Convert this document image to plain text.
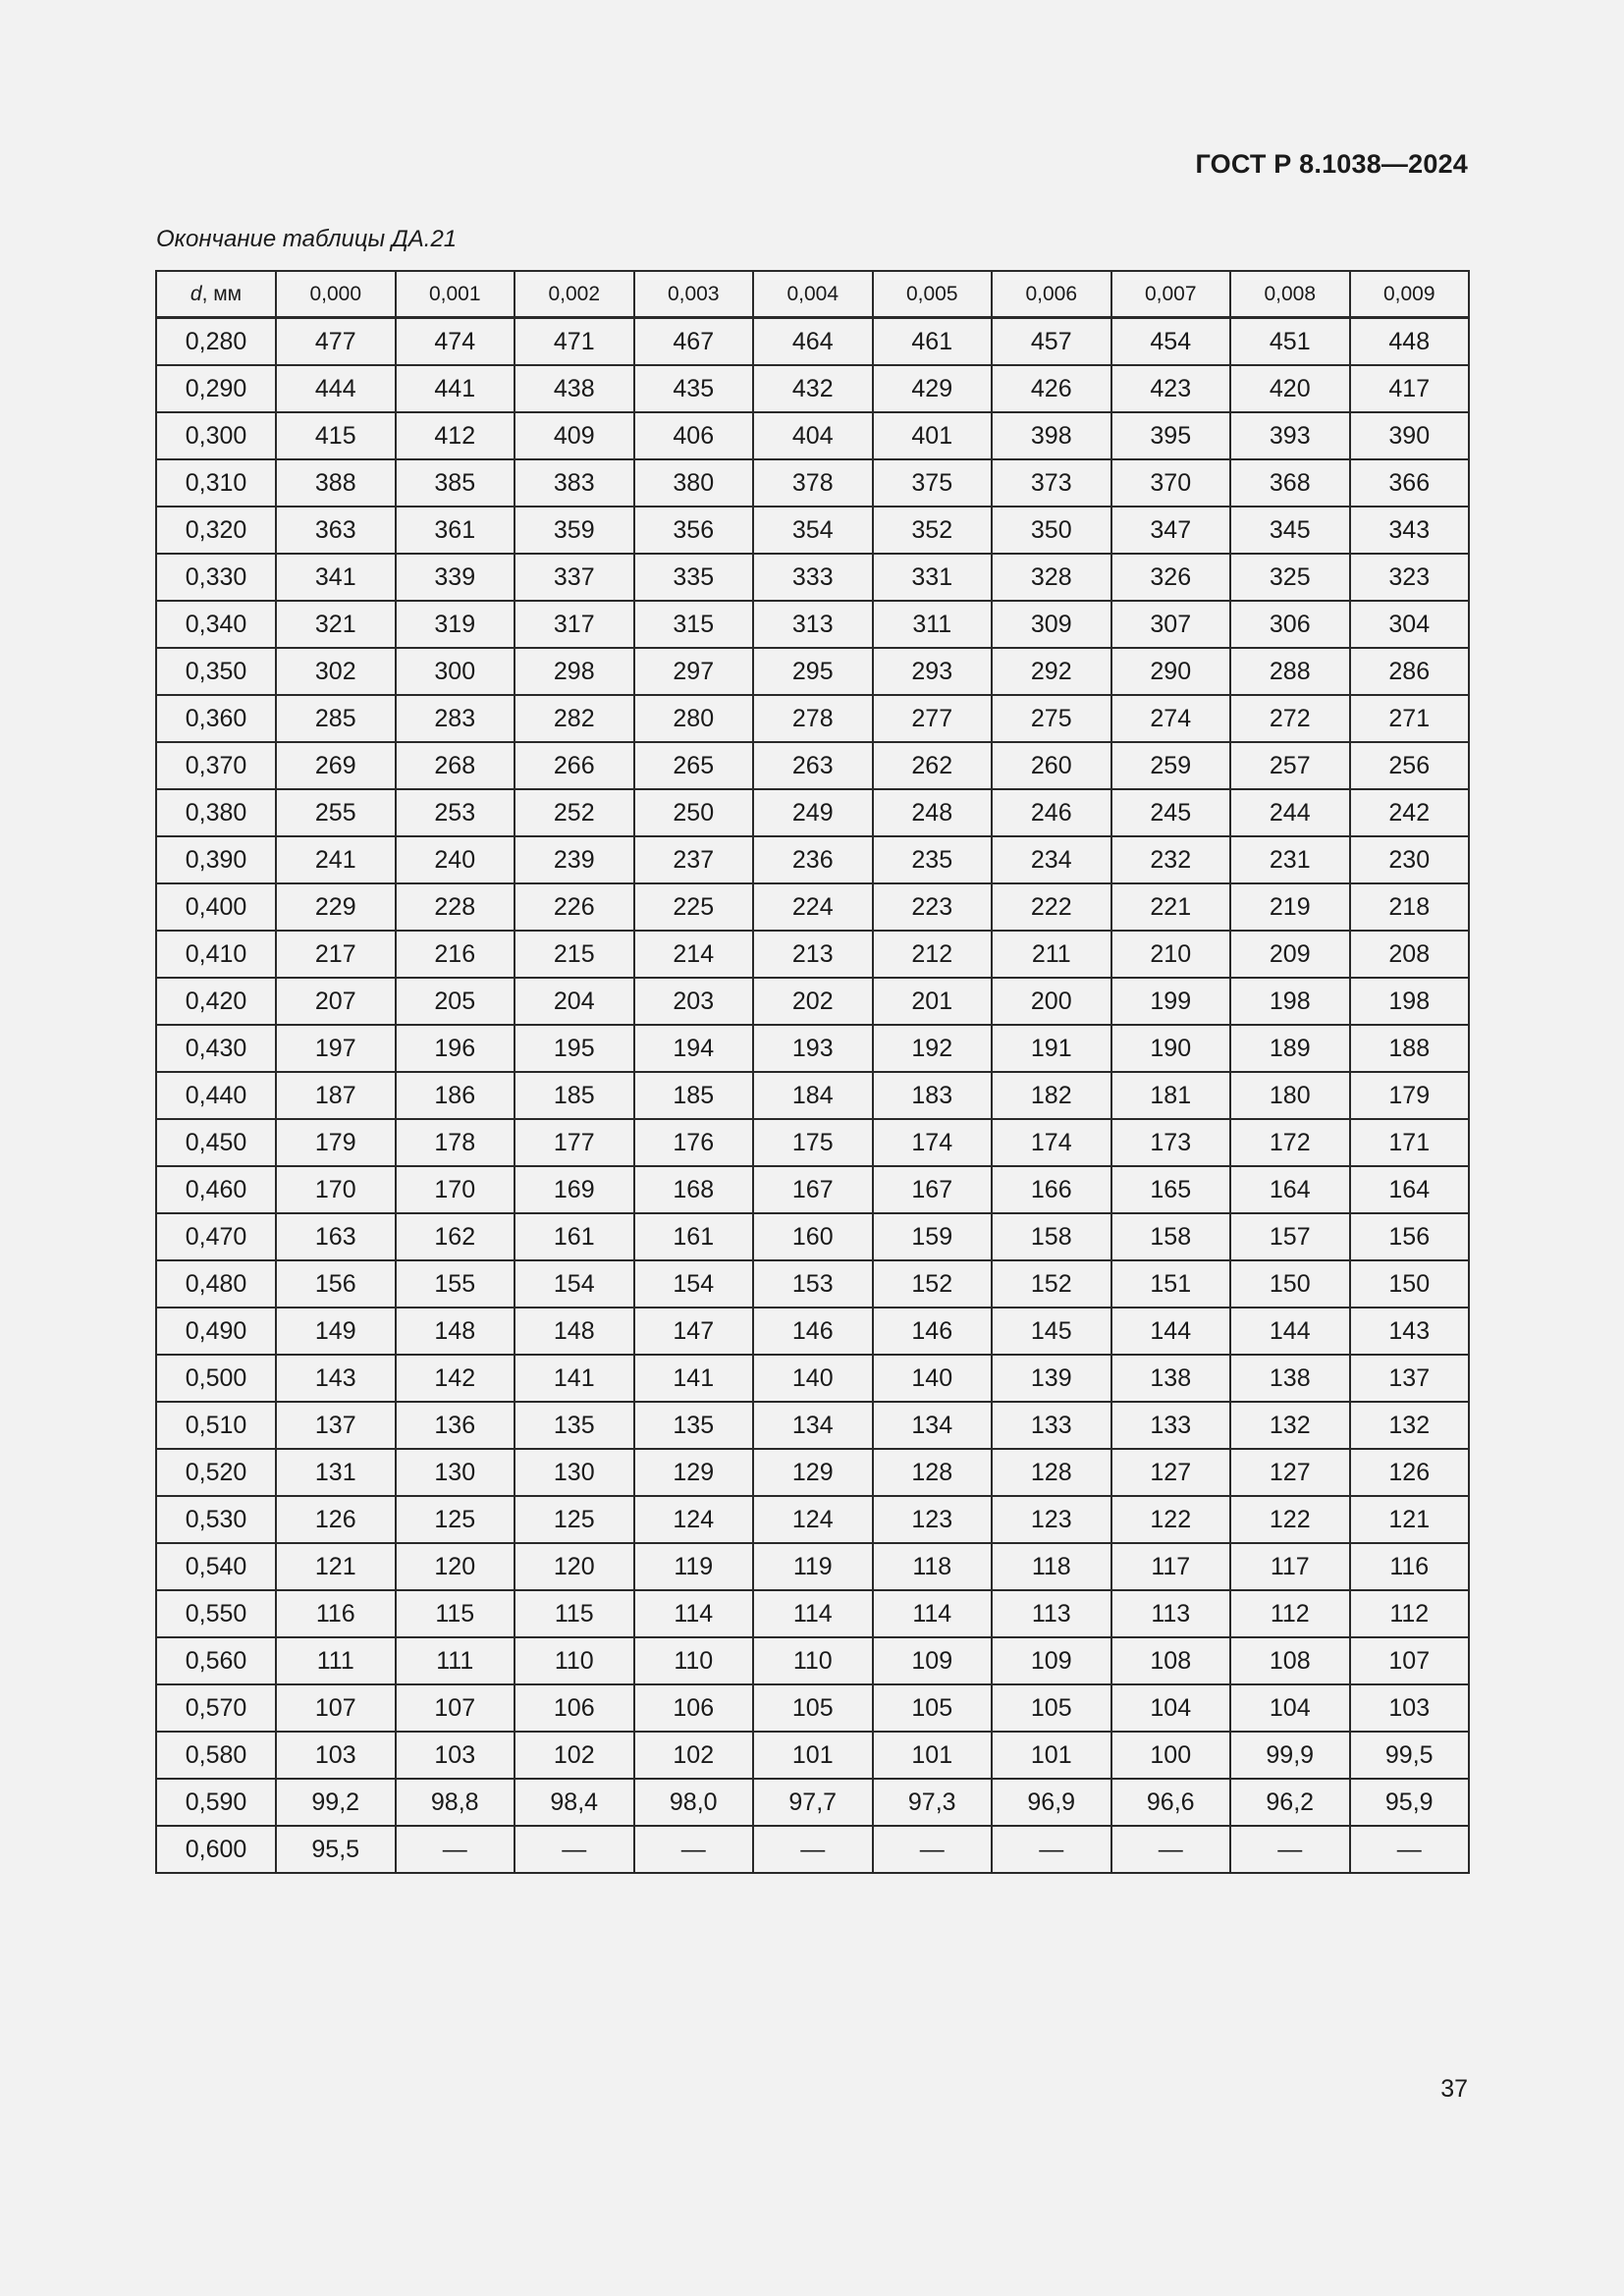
ГОСТ Р 8.1038—2024
Окончание таблицы ДА.21
d, мм	0,000	0,001	0,002	0,003	0,004	0,005	0,006	0,007	0,008	0,009
0,280	477	474	471	467	464	461	457	454	451	448
0,290	444	441	438	435	432	429	426	423	420	417
0,300	415	412	409	406	404	401	398	395	393	390
0,310	388	385	383	380	378	375	373	370	368	366
0,320	363	361	359	356	354	352	350	347	345	343
0,330	341	339	337	335	333	331	328	326	325	323
0,340	321	319	317	315	313	311	309	307	306	304
0,350	302	300	298	297	295	293	292	290	288	286
0,360	285	283	282	280	278	277	275	274	272	271
0,370	269	268	266	265	263	262	260	259	257	256
0,380	255	253	252	250	249	248	246	245	244	242
0,390	241	240	239	237	236	235	234	232	231	230
0,400	229	228	226	225	224	223	222	221	219	218
0,410	217	216	215	214	213	212	211	210	209	208
0,420	207	205	204	203	202	201	200	199	198	198
0,430	197	196	195	194	193	192	191	190	189	188
0,440	187	186	185	185	184	183	182	181	180	179
0,450	179	178	177	176	175	174	174	173	172	171
0,460	170	170	169	168	167	167	166	165	164	164
0,470	163	162	161	161	160	159	158	158	157	156
0,480	156	155	154	154	153	152	152	151	150	150
0,490	149	148	148	147	146	146	145	144	144	143
0,500	143	142	141	141	140	140	139	138	138	137
0,510	137	136	135	135	134	134	133	133	132	132
0,520	131	130	130	129	129	128	128	127	127	126
0,530	126	125	125	124	124	123	123	122	122	121
0,540	121	120	120	119	119	118	118	117	117	116
0,550	116	115	115	114	114	114	113	113	112	112
0,560	111	111	110	110	110	109	109	108	108	107
0,570	107	107	106	106	105	105	105	104	104	103
0,580	103	103	102	102	101	101	101	100	99,9	99,5
0,590	99,2	98,8	98,4	98,0	97,7	97,3	96,9	96,6	96,2	95,9
0,600	95,5	—	—	—	—	—	—	—	—	—
37
